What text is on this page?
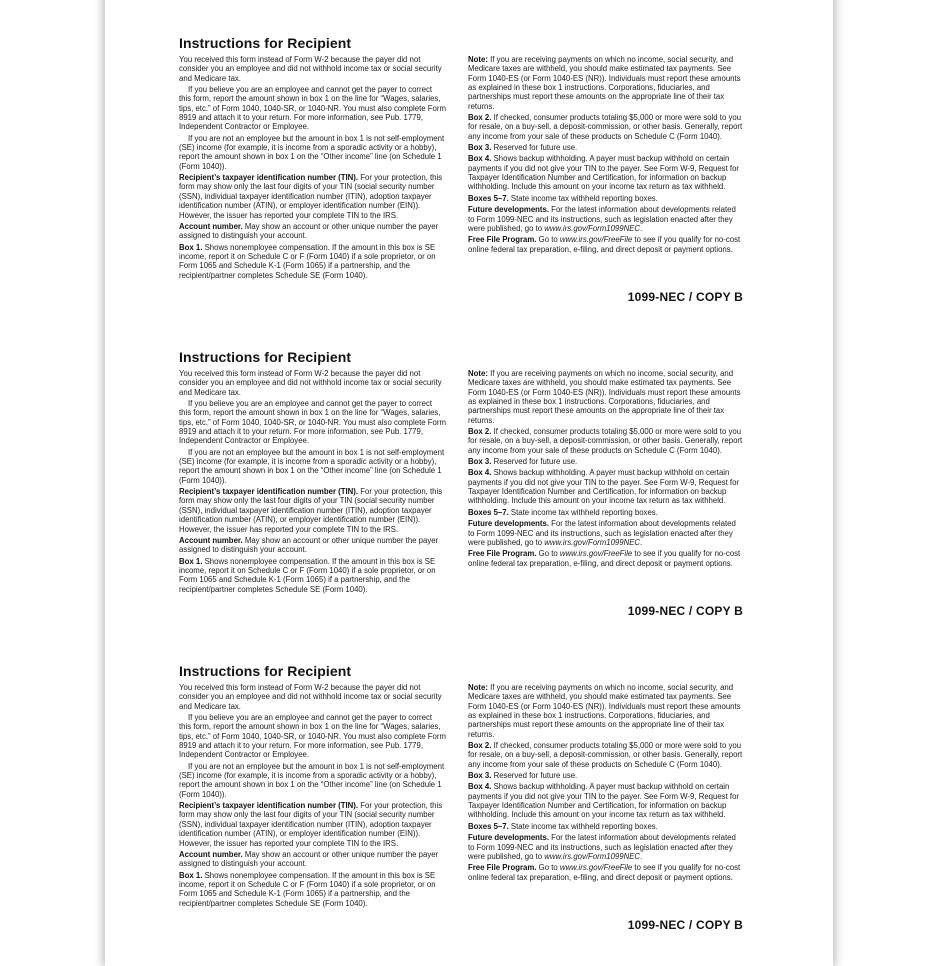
Instructions for Recipient

You received this form instead of Form W-2 because the payer did not consider you an employee and did not withhold income tax or social security and Medicare tax.

If you believe you are an employee and cannot get the payer to correct this form, report the amount shown in box 1 on the line for “Wages, salaries, tips, etc.” of Form 1040, 1040-SR, or 1040-NR. You must also complete Form 8919 and attach it to your return. For more information, see Pub. 1779, Independent Contractor or Employee.

If you are not an employee but the amount in box 1 is not self-employment (SE) income (for example, it is income from a sporadic activity or a hobby), report the amount shown in box 1 on the “Other income” line (on Schedule 1 (Form 1040)).

Recipient’s taxpayer identification number (TIN). For your protection, this form may show only the last four digits of your TIN (social security number (SSN), individual taxpayer identification number (ITIN), adoption taxpayer identification number (ATIN), or employer identification number (EIN)). However, the issuer has reported your complete TIN to the IRS.

Account number. May show an account or other unique number the payer assigned to distinguish your account.

Box 1. Shows nonemployee compensation. If the amount in this box is SE income, report it on Schedule C or F (Form 1040) if a sole proprietor, or on Form 1065 and Schedule K-1 (Form 1065) if a partnership, and the recipient/partner completes Schedule SE (Form 1040).

Note: If you are receiving payments on which no income, social security, and Medicare taxes are withheld, you should make estimated tax payments. See Form 1040-ES (or Form 1040-ES (NR)). Individuals must report these amounts as explained in these box 1 instructions. Corporations, fiduciaries, and partnerships must report these amounts on the appropriate line of their tax returns.

Box 2. If checked, consumer products totaling $5,000 or more were sold to you for resale, on a buy-sell, a deposit-commission, or other basis. Generally, report any income from your sale of these products on Schedule C (Form 1040).

Box 3. Reserved for future use.

Box 4. Shows backup withholding. A payer must backup withhold on certain payments if you did not give your TIN to the payer. See Form W-9, Request for Taxpayer Identification Number and Certification, for information on backup withholding. Include this amount on your income tax return as tax withheld.

Boxes 5–7. State income tax withheld reporting boxes.

Future developments. For the latest information about developments related to Form 1099-NEC and its instructions, such as legislation enacted after they were published, go to www.irs.gov/Form1099NEC.

Free File Program. Go to www.irs.gov/FreeFile to see if you qualify for no-cost online federal tax preparation, e-filing, and direct deposit or payment options.

1099-NEC / COPY B
Instructions for Recipient

You received this form instead of Form W-2 because the payer did not consider you an employee and did not withhold income tax or social security and Medicare tax.

If you believe you are an employee and cannot get the payer to correct this form, report the amount shown in box 1 on the line for “Wages, salaries, tips, etc.” of Form 1040, 1040-SR, or 1040-NR. You must also complete Form 8919 and attach it to your return. For more information, see Pub. 1779, Independent Contractor or Employee.

If you are not an employee but the amount in box 1 is not self-employment (SE) income (for example, it is income from a sporadic activity or a hobby), report the amount shown in box 1 on the “Other income” line (on Schedule 1 (Form 1040)).

Recipient’s taxpayer identification number (TIN). For your protection, this form may show only the last four digits of your TIN (social security number (SSN), individual taxpayer identification number (ITIN), adoption taxpayer identification number (ATIN), or employer identification number (EIN)). However, the issuer has reported your complete TIN to the IRS.

Account number. May show an account or other unique number the payer assigned to distinguish your account.

Box 1. Shows nonemployee compensation. If the amount in this box is SE income, report it on Schedule C or F (Form 1040) if a sole proprietor, or on Form 1065 and Schedule K-1 (Form 1065) if a partnership, and the recipient/partner completes Schedule SE (Form 1040).

Note: If you are receiving payments on which no income, social security, and Medicare taxes are withheld, you should make estimated tax payments. See Form 1040-ES (or Form 1040-ES (NR)). Individuals must report these amounts as explained in these box 1 instructions. Corporations, fiduciaries, and partnerships must report these amounts on the appropriate line of their tax returns.

Box 2. If checked, consumer products totaling $5,000 or more were sold to you for resale, on a buy-sell, a deposit-commission, or other basis. Generally, report any income from your sale of these products on Schedule C (Form 1040).

Box 3. Reserved for future use.

Box 4. Shows backup withholding. A payer must backup withhold on certain payments if you did not give your TIN to the payer. See Form W-9, Request for Taxpayer Identification Number and Certification, for information on backup withholding. Include this amount on your income tax return as tax withheld.

Boxes 5–7. State income tax withheld reporting boxes.

Future developments. For the latest information about developments related to Form 1099-NEC and its instructions, such as legislation enacted after they were published, go to www.irs.gov/Form1099NEC.

Free File Program. Go to www.irs.gov/FreeFile to see if you qualify for no-cost online federal tax preparation, e-filing, and direct deposit or payment options.

1099-NEC / COPY B
Instructions for Recipient

You received this form instead of Form W-2 because the payer did not consider you an employee and did not withhold income tax or social security and Medicare tax.

If you believe you are an employee and cannot get the payer to correct this form, report the amount shown in box 1 on the line for “Wages, salaries, tips, etc.” of Form 1040, 1040-SR, or 1040-NR. You must also complete Form 8919 and attach it to your return. For more information, see Pub. 1779, Independent Contractor or Employee.

If you are not an employee but the amount in box 1 is not self-employment (SE) income (for example, it is income from a sporadic activity or a hobby), report the amount shown in box 1 on the “Other income” line (on Schedule 1 (Form 1040)).

Recipient’s taxpayer identification number (TIN). For your protection, this form may show only the last four digits of your TIN (social security number (SSN), individual taxpayer identification number (ITIN), adoption taxpayer identification number (ATIN), or employer identification number (EIN)). However, the issuer has reported your complete TIN to the IRS.

Account number. May show an account or other unique number the payer assigned to distinguish your account.

Box 1. Shows nonemployee compensation. If the amount in this box is SE income, report it on Schedule C or F (Form 1040) if a sole proprietor, or on Form 1065 and Schedule K-1 (Form 1065) if a partnership, and the recipient/partner completes Schedule SE (Form 1040).

Note: If you are receiving payments on which no income, social security, and Medicare taxes are withheld, you should make estimated tax payments. See Form 1040-ES (or Form 1040-ES (NR)). Individuals must report these amounts as explained in these box 1 instructions. Corporations, fiduciaries, and partnerships must report these amounts on the appropriate line of their tax returns.

Box 2. If checked, consumer products totaling $5,000 or more were sold to you for resale, on a buy-sell, a deposit-commission, or other basis. Generally, report any income from your sale of these products on Schedule C (Form 1040).

Box 3. Reserved for future use.

Box 4. Shows backup withholding. A payer must backup withhold on certain payments if you did not give your TIN to the payer. See Form W-9, Request for Taxpayer Identification Number and Certification, for information on backup withholding. Include this amount on your income tax return as tax withheld.

Boxes 5–7. State income tax withheld reporting boxes.

Future developments. For the latest information about developments related to Form 1099-NEC and its instructions, such as legislation enacted after they were published, go to www.irs.gov/Form1099NEC.

Free File Program. Go to www.irs.gov/FreeFile to see if you qualify for no-cost online federal tax preparation, e-filing, and direct deposit or payment options.

1099-NEC / COPY B
